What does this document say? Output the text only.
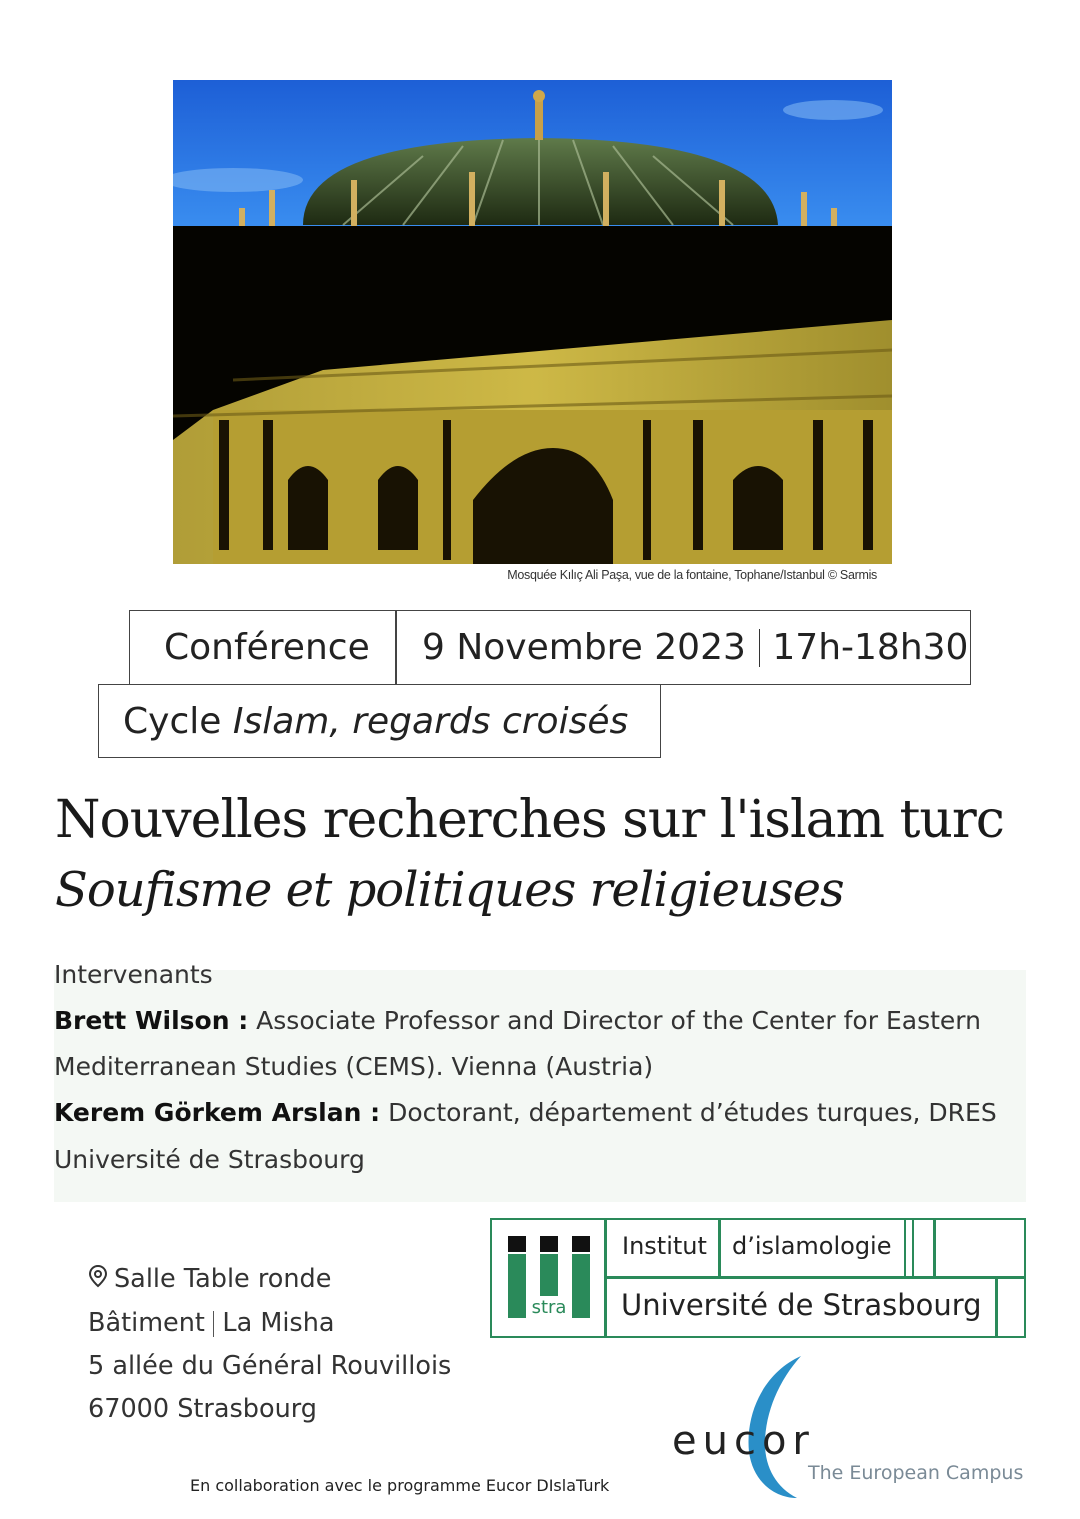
Mosquée Kılıç Ali Paşa, vue de la fontaine, Tophane/Istanbul © Sarmis
Conférence 9 Novembre 2023 17h-18h30
Cycle
Islam, regards croisés
Nouvelles recherches sur l'islam turc
Soufisme et politiques religieuses
Intervenants
Brett Wilson : Associate Professor and Director of the Center for Eastern
Mediterranean Studies (CEMS). Vienna (Austria)
Kerem Görkem Arslan : Doctorant, département d’études turques, DRES
Université de Strasbourg
Salle Table ronde
Bâtiment La Misha
5 allée du Général Rouvillois
67000 Strasbourg
stra
Institut d’islamologie
Université de Strasbourg
eucor
The European Campus
En collaboration avec le programme Eucor DIslaTurk
